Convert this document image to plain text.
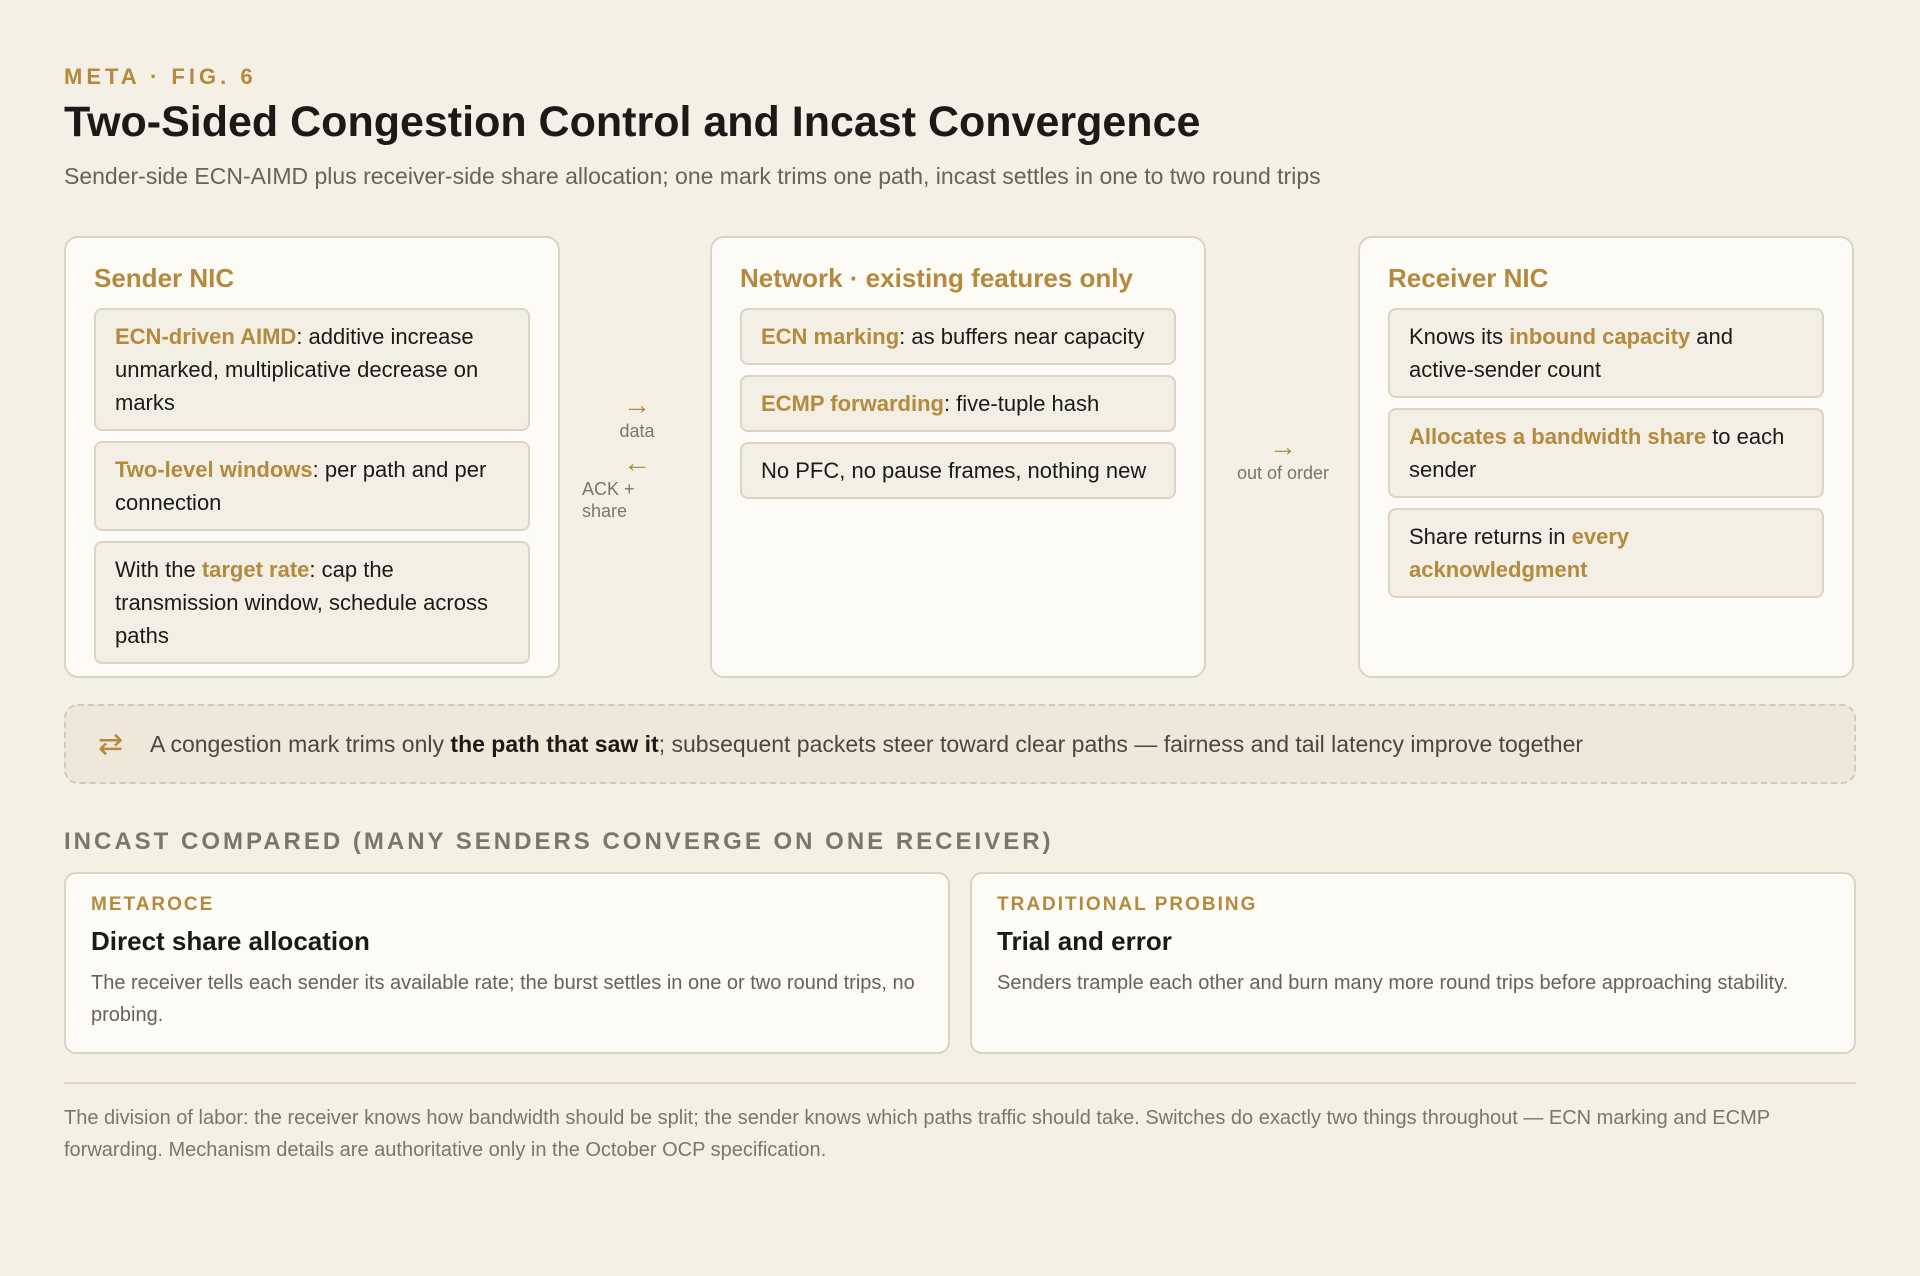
META · FIG. 6
Two-Sided Congestion Control and Incast Convergence
Sender-side ECN-AIMD plus receiver-side share allocation; one mark trims one path, incast settles in one to two round trips
Sender NIC
ECN-driven AIMD: additive increase unmarked, multiplicative decrease on marks
Two-level windows: per path and per connection
With the target rate: cap the transmission window, schedule across paths
→
data
←
ACK +
share
Network · existing features only
ECN marking: as buffers near capacity
ECMP forwarding: five-tuple hash
No PFC, no pause frames, nothing new
→
out of order
Receiver NIC
Knows its inbound capacity and active-sender count
Allocates a bandwidth share to each sender
Share returns in every acknowledgment
⇄	A congestion mark trims only the path that saw it; subsequent packets steer toward clear paths — fairness and tail latency improve together
INCAST COMPARED (MANY SENDERS CONVERGE ON ONE RECEIVER)
METAROCE
Direct share allocation
The receiver tells each sender its available rate; the burst settles in one or two round trips, no probing.
TRADITIONAL PROBING
Trial and error
Senders trample each other and burn many more round trips before approaching stability.
The division of labor: the receiver knows how bandwidth should be split; the sender knows which paths traffic should take. Switches do exactly two things throughout — ECN marking and ECMP forwarding. Mechanism details are authoritative only in the October OCP specification.
